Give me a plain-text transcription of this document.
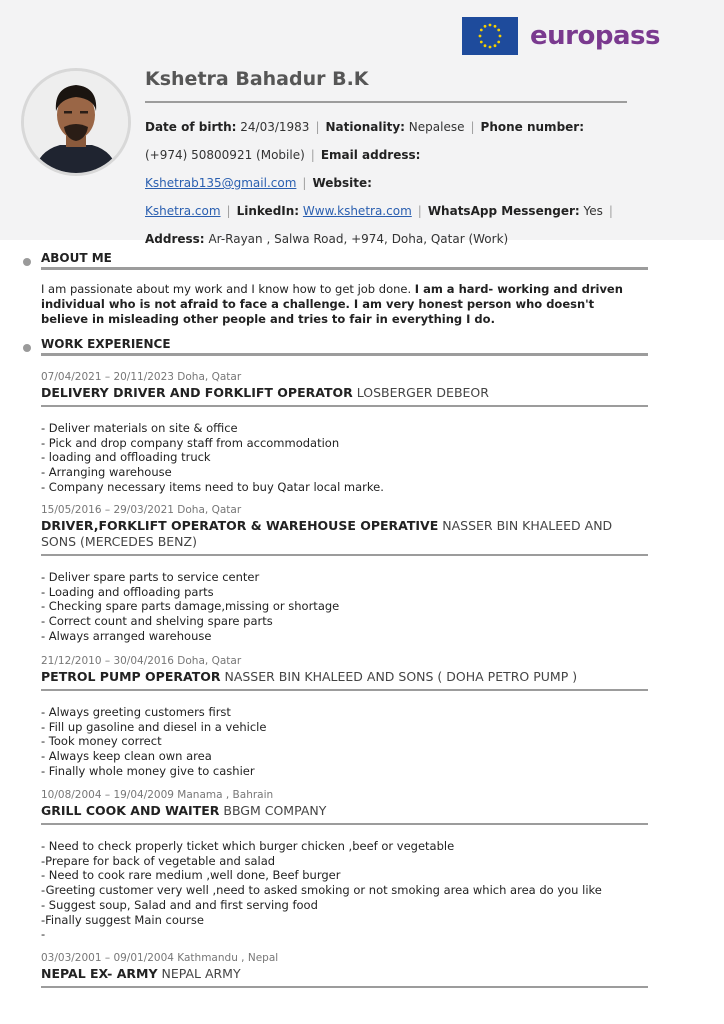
europass
Kshetra Bahadur B.K
Date of birth: 24/03/1983 | Nationality: Nepalese | Phone number:
(+974) 50800921 (Mobile) | Email address: Kshetrab135@gmail.com | Website:
Kshetra.com | LinkedIn: Www.kshetra.com | WhatsApp Messenger: Yes |
Address: Ar-Rayan , Salwa Road, +974, Doha, Qatar (Work)
ABOUT ME
I am passionate about my work and I know how to get job done. I am a hard- working and driven individual who is not afraid to face a challenge. I am very honest person who doesn't believe in misleading other people and tries to fair in everything I do.
WORK EXPERIENCE
07/04/2021 – 20/11/2023 Doha, Qatar
DELIVERY DRIVER AND FORKLIFT OPERATOR LOSBERGER DEBEOR
- Deliver materials on site & office
- Pick and drop company staff from accommodation
- loading and offloading truck
- Arranging warehouse
- Company necessary items need to buy Qatar local marke.
15/05/2016 – 29/03/2021 Doha, Qatar
DRIVER,FORKLIFT OPERATOR & WAREHOUSE OPERATIVE NASSER BIN KHALEED AND SONS (MERCEDES BENZ)
- Deliver spare parts to service center
- Loading and offloading parts
- Checking spare parts damage,missing or shortage
- Correct count and shelving spare parts
- Always arranged warehouse
21/12/2010 – 30/04/2016 Doha, Qatar
PETROL PUMP OPERATOR NASSER BIN KHALEED AND SONS ( DOHA PETRO PUMP )
- Always greeting customers first
- Fill up gasoline and diesel in a vehicle
- Took money correct
- Always keep clean own area
- Finally whole money give to cashier
10/08/2004 – 19/04/2009 Manama , Bahrain
GRILL COOK AND WAITER BBGM COMPANY
- Need to check properly ticket which burger chicken ,beef or vegetable
-Prepare for back of vegetable and salad
- Need to cook rare medium ,well done, Beef burger
-Greeting customer very well ,need to asked smoking or not smoking area which area do you like
- Suggest soup, Salad and and first serving food
-Finally suggest Main course
-
03/03/2001 – 09/01/2004 Kathmandu , Nepal
NEPAL EX- ARMY NEPAL ARMY
